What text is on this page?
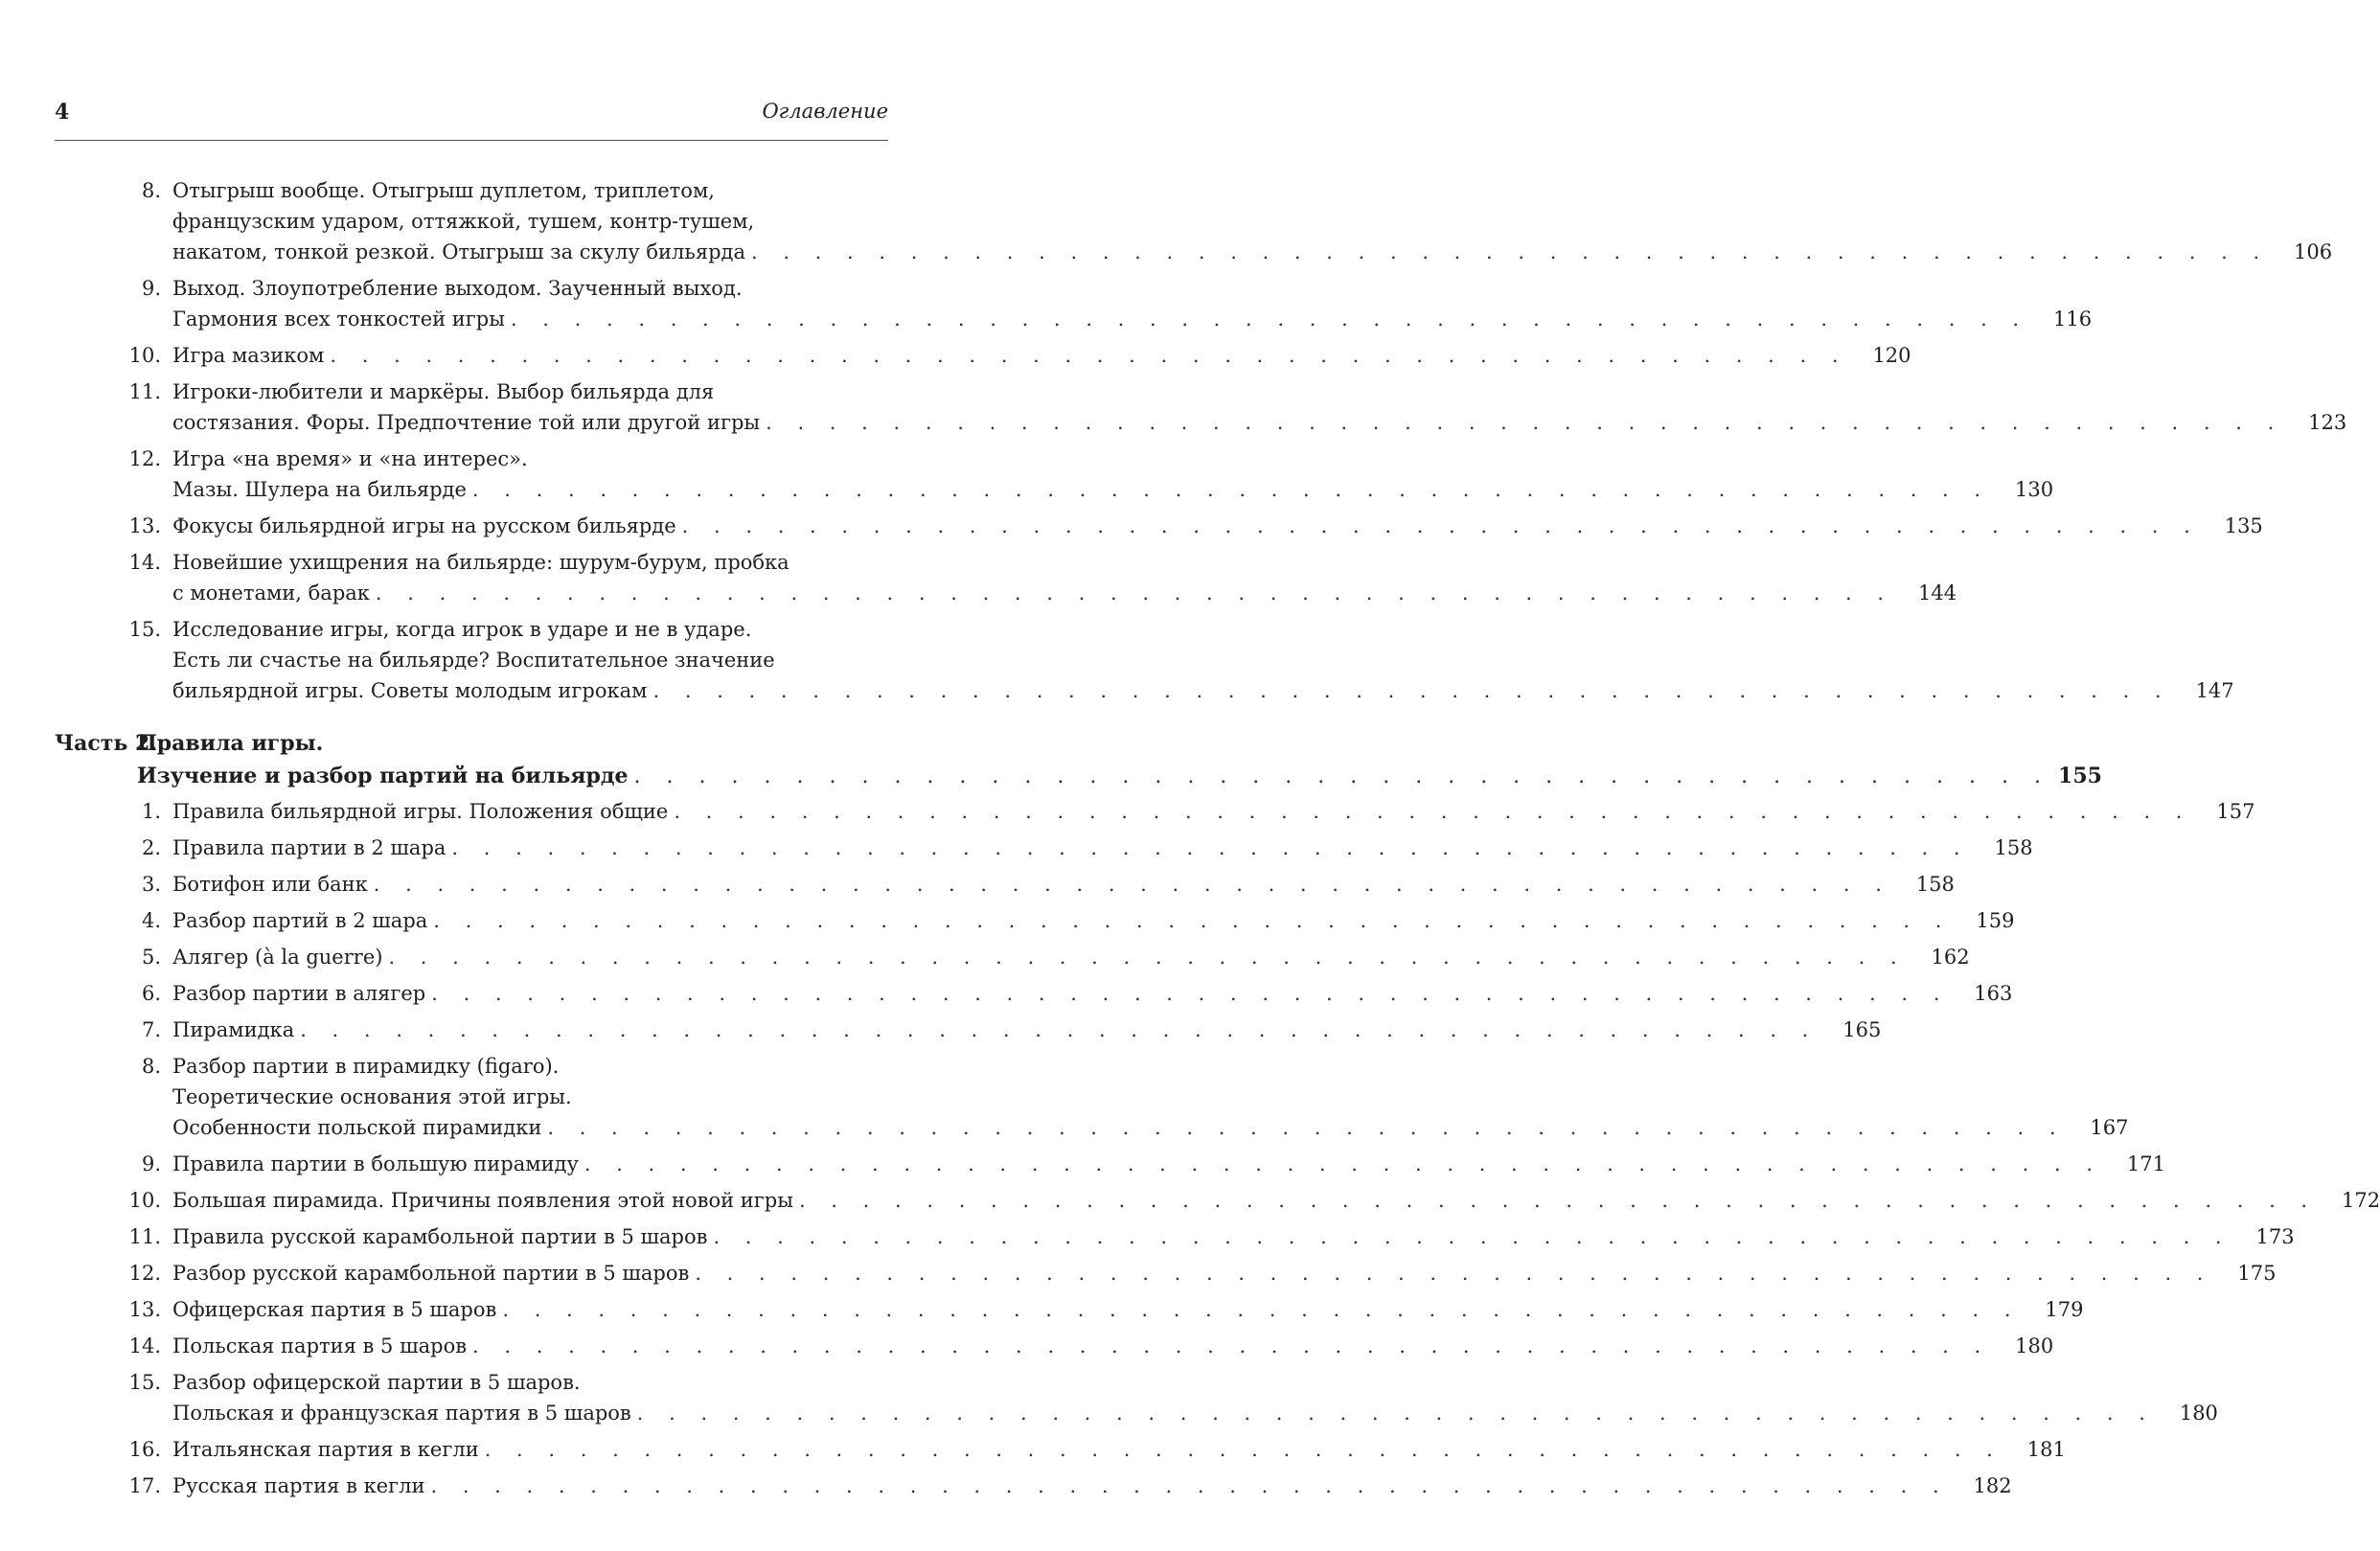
4	Оглавление
8. Отыгрыш вообще. Отыгрыш дуплетом, триплетом,
французским ударом, оттяжкой, тушем, контр-тушем,
накатом, тонкой резкой. Отыгрыш за скулу бильярда . . . . . . . . . . . . . . . . . . . . . . . . . . . . . . . . . . . . . . . . . . . . . . . .	106
9. Выход. Злоупотребление выходом. Заученный выход.
Гармония всех тонкостей игры . . . . . . . . . . . . . . . . . . . . . . . . . . . . . . . . . . . . . . . . . . . . . . . .	116
10. Игра мазиком . . . . . . . . . . . . . . . . . . . . . . . . . . . . . . . . . . . . . . . . . . . . . . . .	120
11. Игроки-любители и маркёры. Выбор бильярда для
состязания. Форы. Предпочтение той или другой игры . . . . . . . . . . . . . . . . . . . . . . . . . . . . . . . . . . . . . . . . . . . . . . . .	123
12. Игра «на время» и «на интерес».
Мазы. Шулера на бильярде . . . . . . . . . . . . . . . . . . . . . . . . . . . . . . . . . . . . . . . . . . . . . . . .	130
13. Фокусы бильярдной игры на русском бильярде . . . . . . . . . . . . . . . . . . . . . . . . . . . . . . . . . . . . . . . . . . . . . . . .	135
14. Новейшие ухищрения на бильярде: шурум-бурум, пробка
с монетами, барак . . . . . . . . . . . . . . . . . . . . . . . . . . . . . . . . . . . . . . . . . . . . . . . .	144
15. Исследование игры, когда игрок в ударе и не в ударе.
Есть ли счастье на бильярде? Воспитательное значение
бильярдной игры. Советы молодым игрокам . . . . . . . . . . . . . . . . . . . . . . . . . . . . . . . . . . . . . . . . . . . . . . . .	147
Часть 2.
Правила игры.
Изучение и разбор партий на бильярде . . . . . . . . . . . . . . . . . . . . . . . . . . . . . . . . . . . . . . . . . . . . 155
1. Правила бильярдной игры. Положения общие . . . . . . . . . . . . . . . . . . . . . . . . . . . . . . . . . . . . . . . . . . . . . . . .	157
2. Правила партии в 2 шара . . . . . . . . . . . . . . . . . . . . . . . . . . . . . . . . . . . . . . . . . . . . . . . .	158
3. Ботифон или банк . . . . . . . . . . . . . . . . . . . . . . . . . . . . . . . . . . . . . . . . . . . . . . . .	158
4. Разбор партий в 2 шара . . . . . . . . . . . . . . . . . . . . . . . . . . . . . . . . . . . . . . . . . . . . . . . .	159
5. Алягер (à la guerre) . . . . . . . . . . . . . . . . . . . . . . . . . . . . . . . . . . . . . . . . . . . . . . . .	162
6. Разбор партии в алягер . . . . . . . . . . . . . . . . . . . . . . . . . . . . . . . . . . . . . . . . . . . . . . . .	163
7. Пирамидка . . . . . . . . . . . . . . . . . . . . . . . . . . . . . . . . . . . . . . . . . . . . . . . .	165
8. Разбор партии в пирамидку (figaro).
Теоретические основания этой игры.
Особенности польской пирамидки . . . . . . . . . . . . . . . . . . . . . . . . . . . . . . . . . . . . . . . . . . . . . . . .	167
9. Правила партии в большую пирамиду . . . . . . . . . . . . . . . . . . . . . . . . . . . . . . . . . . . . . . . . . . . . . . . .	171
10. Большая пирамида. Причины появления этой новой игры . . . . . . . . . . . . . . . . . . . . . . . . . . . . . . . . . . . . . . . . . . . . . . . .	172
11. Правила русской карамбольной партии в 5 шаров . . . . . . . . . . . . . . . . . . . . . . . . . . . . . . . . . . . . . . . . . . . . . . . .	173
12. Разбор русской карамбольной партии в 5 шаров . . . . . . . . . . . . . . . . . . . . . . . . . . . . . . . . . . . . . . . . . . . . . . . .	175
13. Офицерская партия в 5 шаров . . . . . . . . . . . . . . . . . . . . . . . . . . . . . . . . . . . . . . . . . . . . . . . .	179
14. Польская партия в 5 шаров . . . . . . . . . . . . . . . . . . . . . . . . . . . . . . . . . . . . . . . . . . . . . . . .	180
15. Разбор офицерской партии в 5 шаров.
Польская и французская партия в 5 шаров . . . . . . . . . . . . . . . . . . . . . . . . . . . . . . . . . . . . . . . . . . . . . . . .	180
16. Итальянская партия в кегли . . . . . . . . . . . . . . . . . . . . . . . . . . . . . . . . . . . . . . . . . . . . . . . .	181
17. Русская партия в кегли . . . . . . . . . . . . . . . . . . . . . . . . . . . . . . . . . . . . . . . . . . . . . . . .	182
